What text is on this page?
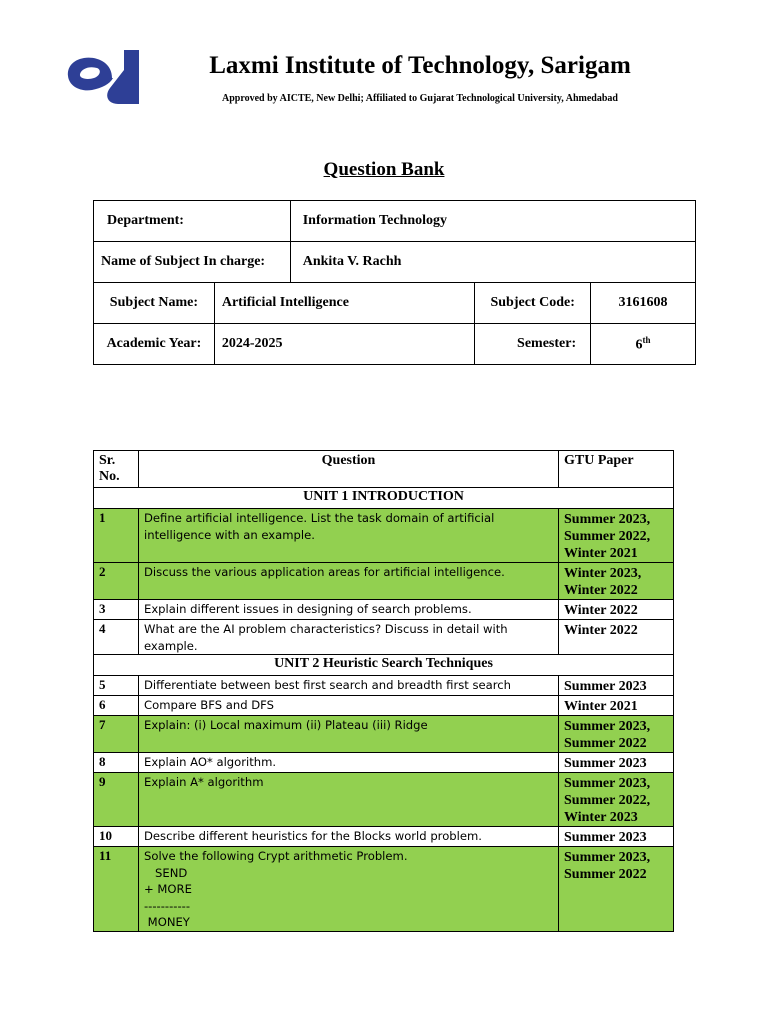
Laxmi Institute of Technology, Sarigam
Approved by AICTE, New Delhi; Affiliated to Gujarat Technological University, Ahmedabad
Question Bank
Department:		Information Technology		
Name of Subject In charge:		Ankita V. Rachh		
Subject Name:	Artificial Intelligence		Subject Code:	3161608
Academic Year:	2024-2025		Semester:	6th
Sr.
No.	Question	GTU Paper
UNIT 1 INTRODUCTION		
1	Define artificial intelligence. List the task domain of artificial
intelligence with an example.	Summer 2023,
Summer 2022,
Winter 2021

2	Discuss the various application areas for artificial intelligence.	Winter 2023,
Winter 2022

3	Explain different issues in designing of search problems.	Winter 2022

4	What are the AI problem characteristics? Discuss in detail with
example.	Winter 2022

UNIT 2 Heuristic Search Techniques		
5	Differentiate between best first search and breadth first search	Summer 2023

6	Compare BFS and DFS	Winter 2021

7	Explain: (i) Local maximum (ii) Plateau (iii) Ridge	Summer 2023,
Summer 2022

8	Explain AO* algorithm.	Summer 2023

9	Explain A* algorithm	Summer 2023,
Summer 2022,
Winter 2023

10	Describe different heuristics for the Blocks world problem.	Summer 2023

11	Solve the following Crypt arithmetic Problem.
SEND
+ MORE
-----------
MONEY	Summer 2023,
Summer 2022
